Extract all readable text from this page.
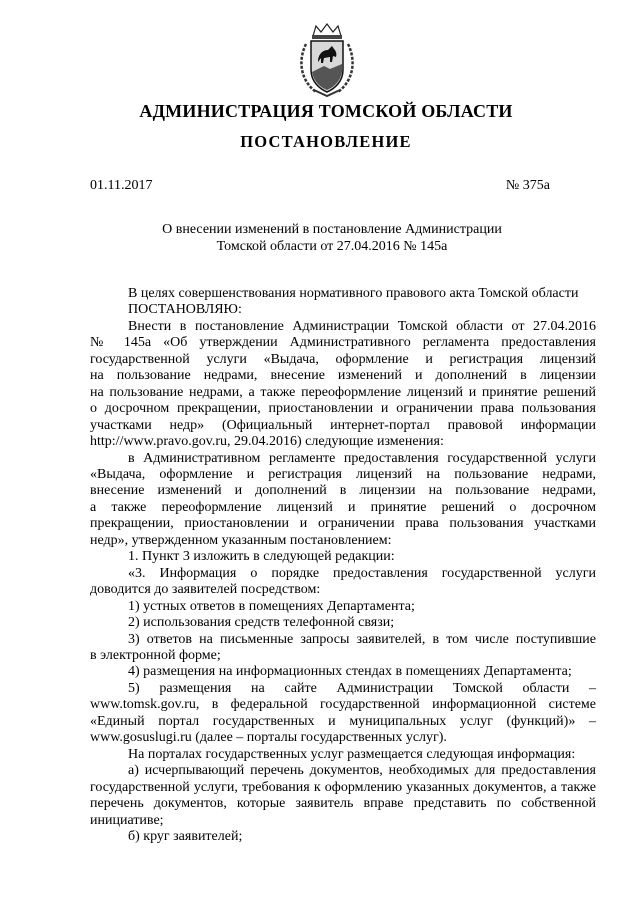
АДМИНИСТРАЦИЯ ТОМСКОЙ ОБЛАСТИ
ПОСТАНОВЛЕНИЕ
01.11.2017	№ 375а
О внесении изменений в постановление Администрации
Томской области от 27.04.2016 № 145а

В целях совершенствования нормативного правового акта Томской области
ПОСТАНОВЛЯЮ:
Внести в постановление Администрации Томской области от 27.04.2016
№ 145а «Об утверждении Административного регламента предоставления
государственной услуги «Выдача, оформление и регистрация лицензий
на пользование недрами, внесение изменений и дополнений в лицензии
на пользование недрами, а также переоформление лицензий и принятие решений
о досрочном прекращении, приостановлении и ограничении права пользования
участками недр» (Официальный интернет-портал правовой информации
http://www.pravo.gov.ru, 29.04.2016) следующие изменения:
в Административном регламенте предоставления государственной услуги
«Выдача, оформление и регистрация лицензий на пользование недрами,
внесение изменений и дополнений в лицензии на пользование недрами,
а также переоформление лицензий и принятие решений о досрочном
прекращении, приостановлении и ограничении права пользования участками
недр», утвержденном указанным постановлением:
1. Пункт 3 изложить в следующей редакции:
«3. Информация о порядке предоставления государственной услуги
доводится до заявителей посредством:
1) устных ответов в помещениях Департамента;
2) использования средств телефонной связи;
3) ответов на письменные запросы заявителей, в том числе поступившие
в электронной форме;
4) размещения на информационных стендах в помещениях Департамента;
5) размещения на сайте Администрации Томской области –
www.tomsk.gov.ru, в федеральной государственной информационной системе
«Единый портал государственных и муниципальных услуг (функций)» –
www.gosuslugi.ru (далее – порталы государственных услуг).
На порталах государственных услуг размещается следующая информация:
а) исчерпывающий перечень документов, необходимых для предоставления
государственной услуги, требования к оформлению указанных документов, а также
перечень документов, которые заявитель вправе представить по собственной
инициативе;
б) круг заявителей;
